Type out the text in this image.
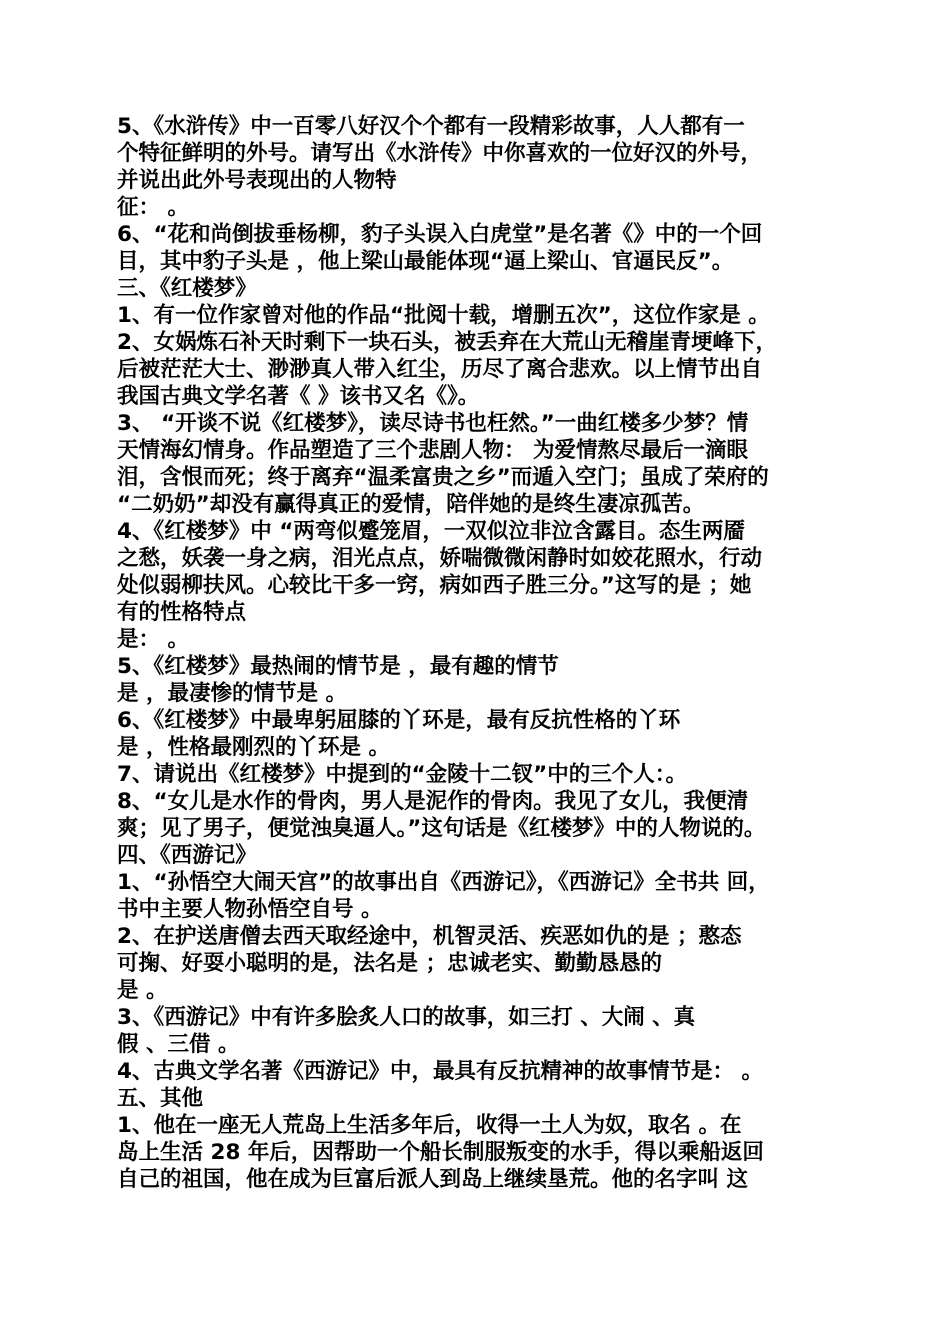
5、《水浒传》中一百零八好汉个个都有一段精彩故事，人人都有一
个特征鲜明的外号。请写出《水浒传》中你喜欢的一位好汉的外号，
并说出此外号表现出的人物特
征： 。
6、“花和尚倒拔垂杨柳，豹子头误入白虎堂”是名著《》中的一个回
目，其中豹子头是 ，他上梁山最能体现“逼上梁山、官逼民反”。
三、《红楼梦》
1、有一位作家曾对他的作品“批阅十载，增删五次”，这位作家是 。
2、女娲炼石补天时剩下一块石头，被丢弃在大荒山无稽崖青埂峰下，
后被茫茫大士、渺渺真人带入红尘，历尽了离合悲欢。以上情节出自
我国古典文学名著《 》该书又名《》。
3、 “开谈不说《红楼梦》，读尽诗书也枉然。”一曲红楼多少梦？情
天情海幻情身。作品塑造了三个悲剧人物： 为爱情熬尽最后一滴眼
泪，含恨而死；终于离弃“温柔富贵之乡”而遁入空门；虽成了荣府的
“二奶奶”却没有赢得真正的爱情，陪伴她的是终生凄凉孤苦。
4、《红楼梦》中 “两弯似蹙笼眉，一双似泣非泣含露目。态生两靥
之愁，妖袭一身之病，泪光点点，娇喘微微闲静时如姣花照水，行动
处似弱柳扶风。心较比干多一窍，病如西子胜三分。”这写的是 ；她
有的性格特点
是： 。
5、《红楼梦》最热闹的情节是 ，最有趣的情节
是 ，最凄惨的情节是 。
6、《红楼梦》中最卑躬屈膝的丫环是，最有反抗性格的丫环
是 ，性格最刚烈的丫环是 。
7、请说出《红楼梦》中提到的“金陵十二钗”中的三个人：。
8、“女儿是水作的骨肉，男人是泥作的骨肉。我见了女儿，我便清
爽；见了男子，便觉浊臭逼人。”这句话是《红楼梦》中的人物说的。
四、《西游记》
1、“孙悟空大闹天宫”的故事出自《西游记》，《西游记》全书共 回，
书中主要人物孙悟空自号 。
2、在护送唐僧去西天取经途中，机智灵活、疾恶如仇的是 ；憨态
可掬、好耍小聪明的是，法名是 ；忠诚老实、勤勤恳恳的
是 。
3、《西游记》中有许多脍炙人口的故事，如三打 、大闹 、真
假 、三借 。
4、古典文学名著《西游记》中，最具有反抗精神的故事情节是： 。
五、其他
1、他在一座无人荒岛上生活多年后，收得一土人为奴，取名 。在
岛上生活 28 年后，因帮助一个船长制服叛变的水手，得以乘船返回
自己的祖国，他在成为巨富后派人到岛上继续垦荒。他的名字叫 这
